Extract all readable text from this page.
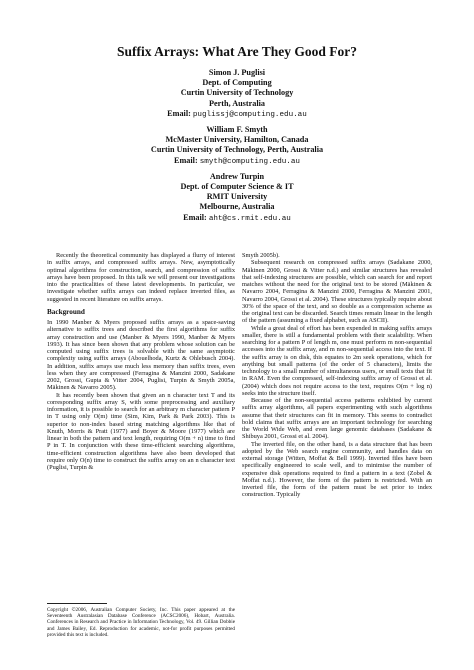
Suffix Arrays: What Are They Good For?
Simon J. Puglisi
Dept. of Computing
Curtin University of Technology
Perth, Australia
Email: puglissj@computing.edu.au
William F. Smyth
McMaster University, Hamilton, Canada
Curtin University of Technology, Perth, Australia
Email: smyth@computing.edu.au
Andrew Turpin
Dept. of Computer Science & IT
RMIT University
Melbourne, Australia
Email: aht@cs.rmit.edu.au

Recently the theoretical community has displayed a flurry of interest in suffix arrays, and compressed suffix arrays. New, asymptotically optimal algorithms for construction, search, and compression of suffix arrays have been proposed. In this talk we will present our investigations into the practicalities of these latest developments. In particular, we investigate whether suffix arrays can indeed replace inverted files, as suggested in recent literature on suffix arrays.

Background

In 1990 Manber & Myers proposed suffix arrays as a space-saving alternative to suffix trees and described the first algorithms for suffix array construction and use (Manber & Myers 1990, Manber & Myers 1993). It has since been shown that any problem whose solution can be computed using suffix trees is solvable with the same asymptotic complexity using suffix arrays (Abouelhoda, Kurtz & Ohlebusch 2004). In addition, suffix arrays use much less memory than suffix trees, even less when they are compressed (Ferragina & Manzini 2000, Sadakane 2002, Grossi, Gupta & Vitter 2004, Puglisi, Turpin & Smyth 2005a, Mäkinen & Navarro 2005).

It has recently been shown that given an n character text T and its corresponding suffix array S, with some preprocessing and auxiliary information, it is possible to search for an arbitrary m character pattern P in T using only O(m) time (Sim, Kim, Park & Park 2003). This is superior to non-index based string matching algorithms like that of Knuth, Morris & Pratt (1977) and Boyer & Moore (1977) which are linear in both the pattern and text length, requiring O(m + n) time to find P in T. In conjunction with these time-efficient searching algorithms, time-efficient construction algorithms have also been developed that require only O(n) time to construct the suffix array on an n character text (Puglisi, Turpin &

Smyth 2005b).

Subsequent research on compressed suffix arrays (Sadakane 2000, Mäkinen 2000, Grossi & Vitter n.d.) and similar structures has revealed that self-indexing structures are possible, which can search for and report matches without the need for the original text to be stored (Mäkinen & Navarro 2004, Ferragina & Manzini 2000, Ferragina & Manzini 2001, Navarro 2004, Grossi et al. 2004). These structures typically require about 30% of the space of the text, and so double as a compression scheme as the original text can be discarded. Search times remain linear in the length of the pattern (assuming a fixed alphabet, such as ASCII).

While a great deal of effort has been expended in making suffix arrays smaller, there is still a fundamental problem with their scalability. When searching for a pattern P of length m, one must perform m non-sequential accesses into the suffix array, and m non-sequential access into the text. If the suffix array is on disk, this equates to 2m seek operations, which for anything but small patterns (of the order of 5 characters), limits the technology to a small number of simultaneous users, or small texts that fit in RAM. Even the compressed, self-indexing suffix array of Grossi et al. (2004) which does not require access to the text, requires O(m + log n) seeks into the structure itself.

Because of the non-sequential access patterns exhibited by current suffix array algorithms, all papers experimenting with such algorithms assume that their structures can fit in memory. This seems to contradict bold claims that suffix arrays are an important technology for searching the World Wide Web, and even large genomic databases (Sadakane & Shibuya 2001, Grossi et al. 2004).

The inverted file, on the other hand, is a data structure that has been adopted by the Web search engine community, and handles data on external storage (Witten, Moffat & Bell 1999). Inverted files have been specifically engineered to scale well, and to minimise the number of expensive disk operations required to find a pattern in a text (Zobel & Moffat n.d.). However, the form of the pattern is restricted. With an inverted file, the form of the pattern must be set prior to index construction. Typically

Copyright ©2006, Australian Computer Society, Inc. This paper appeared at the Seventeenth Australasian Database Conference (ACSC2006), Hobart, Australia. Conferences in Research and Practice in Information Technology, Vol. 49. Gillian Dobbie and James Bailey, Ed. Reproduction for academic, not-for profit purposes permitted provided this text is included.
